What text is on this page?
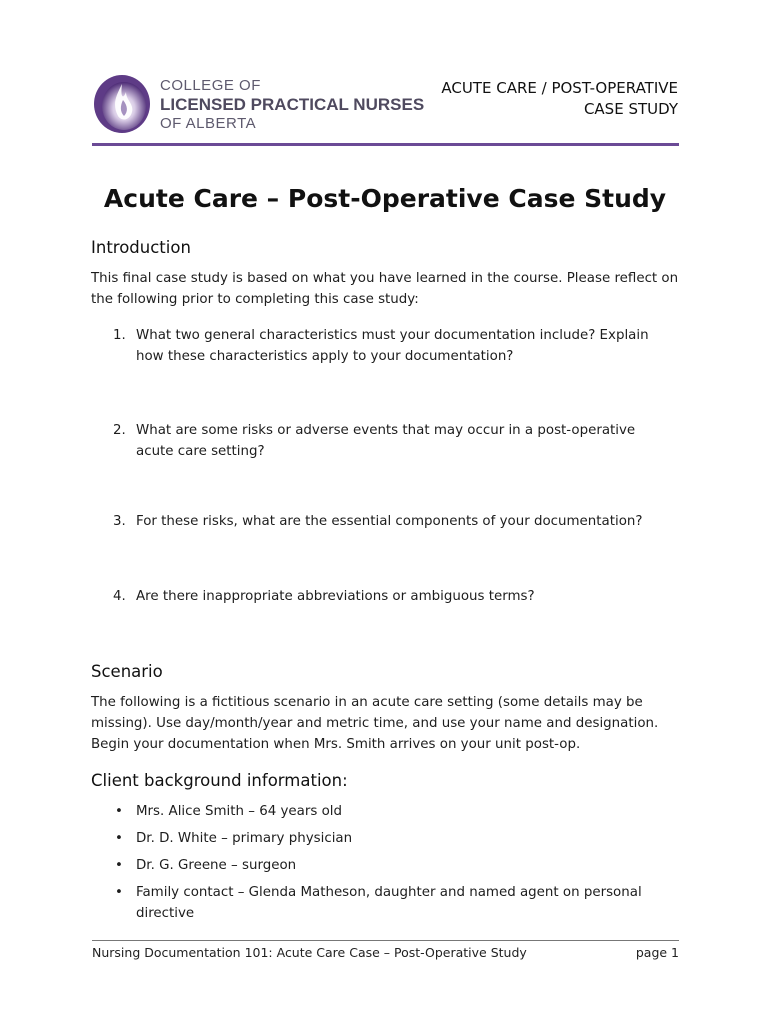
COLLEGE OF
LICENSED PRACTICAL NURSES
OF ALBERTA
ACUTE CARE / POST-OPERATIVE
CASE STUDY
Acute Care – Post-Operative Case Study
Introduction
This final case study is based on what you have learned in the course. Please reflect on the following prior to completing this case study:
1. What two general characteristics must your documentation include? Explain how these characteristics apply to your documentation?
2. What are some risks or adverse events that may occur in a post-operative acute care setting?
3. For these risks, what are the essential components of your documentation?
4. Are there inappropriate abbreviations or ambiguous terms?
Scenario
The following is a fictitious scenario in an acute care setting (some details may be missing). Use day/month/year and metric time, and use your name and designation. Begin your documentation when Mrs. Smith arrives on your unit post-op.
Client background information:
• Mrs. Alice Smith – 64 years old
• Dr. D. White – primary physician
• Dr. G. Greene – surgeon
• Family contact – Glenda Matheson, daughter and named agent on personal directive
Nursing Documentation 101: Acute Care Case – Post-Operative Study	page 1
